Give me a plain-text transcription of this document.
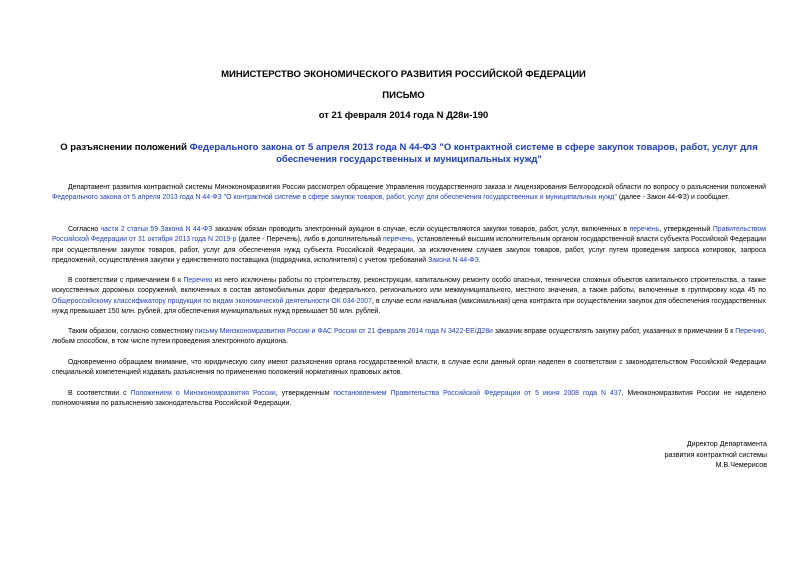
МИНИСТЕРСТВО ЭКОНОМИЧЕСКОГО РАЗВИТИЯ РОССИЙСКОЙ ФЕДЕРАЦИИ
ПИСЬМО
от 21 февраля 2014 года N Д28и-190
О разъяснении положений Федерального закона от 5 апреля 2013 года N 44-ФЗ "О контрактной системе в сфере закупок товаров, работ, услуг для обеспечения государственных и муниципальных нужд"

Департамент развития контрактной системы Минэкономразвития России рассмотрел обращение Управления государственного заказа и лицензирования Белгородской области по вопросу о разъяснении положений Федерального закона от 5 апреля 2013 года N 44-ФЗ "О контрактной системе в сфере закупок товаров, работ, услуг для обеспечения государственных и муниципальных нужд" (далее - Закон 44-ФЗ) и сообщает.

Согласно части 2 статьи 59 Закона N 44-ФЗ заказчик обязан проводить электронный аукцион в случае, если осуществляются закупки товаров, работ, услуг, включенных в перечень, утвержденный Правительством Российской Федерации от 31 октября 2013 года N 2019-р (далее - Перечень), либо в дополнительный перечень, установленный высшим исполнительным органом государственной власти субъекта Российской Федерации при осуществлении закупок товаров, работ, услуг для обеспечения нужд субъекта Российской Федерации, за исключением случаев закупок товаров, работ, услуг путем проведения запроса котировок, запроса предложений, осуществления закупки у единственного поставщика (подрядчика, исполнителя) с учетом требований Закона N 44-ФЗ.

В соответствии с примечанием 6 к Перечню из него исключены работы по строительству, реконструкции, капитальному ремонту особо опасных, технически сложных объектов капитального строительства, а также искусственных дорожных сооружений, включенных в состав автомобильных дорог федерального, регионального или межмуниципального, местного значения, а также работы, включенные в группировку кода 45 по Общероссийскому классификатору продукции по видам экономической деятельности ОК 034-2007, в случае если начальная (максимальная) цена контракта при осуществлении закупок для обеспечения государственных нужд превышает 150 млн. рублей, для обеспечения муниципальных нужд превышает 50 млн. рублей.

Таким образом, согласно совместному письму Минэкономразвития России и ФАС России от 21 февраля 2014 года N 3422-ЕЕ/Д28и заказчик вправе осуществлять закупку работ, указанных в примечании 6 к Перечню, любым способом, в том числе путем проведения электронного аукциона.

Одновременно обращаем внимание, что юридическую силу имеют разъяснения органа государственной власти, в случае если данный орган наделен в соответствии с законодательством Российской Федерации специальной компетенцией издавать разъяснения по применению положений нормативных правовых актов.

В соответствии с Положением о Минэкономразвития России, утвержденным постановлением Правительства Российской Федерации от 5 июня 2008 года N 437, Минэкономразвития России не наделено полномочиями по разъяснению законодательства Российской Федерации.

Директор Департамента
развития контрактной системы
М.В.Чемерисов
